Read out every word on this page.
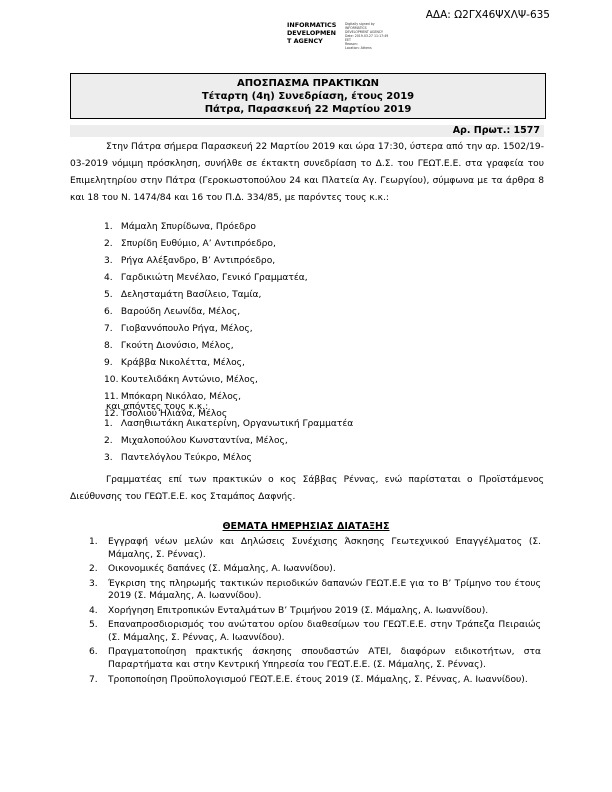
ΑΔΑ: Ω2ΓΧ46ΨΧΛΨ-635
INFORMATICS
DEVELOPMEN
T AGENCY
Digitally signed by
INFORMATICS
DEVELOPMENT AGENCY
Date: 2019.03.27 11:17:49
EET
Reason:
Location: Athens
ΑΠΟΣΠΑΣΜΑ ΠΡΑΚΤΙΚΩΝ
Τέταρτη (4η) Συνεδρίαση, έτους 2019
Πάτρα, Παρασκευή 22 Μαρτίου 2019
Αρ. Πρωτ.: 1577
Στην Πάτρα σήμερα Παρασκευή 22 Μαρτίου 2019 και ώρα 17:30, ύστερα από την αρ. 1502/19-03-2019 νόμιμη πρόσκληση, συνήλθε σε έκτακτη συνεδρίαση το Δ.Σ. του ΓΕΩΤ.Ε.Ε. στα γραφεία του Επιμελητηρίου στην Πάτρα (Γεροκωστοπούλου 24 και Πλατεία Αγ. Γεωργίου), σύμφωνα με τα άρθρα 8 και 18 του Ν. 1474/84 και 16 του Π.Δ. 334/85, με παρόντες τους κ.κ.:
1. Μάμαλη Σπυρίδωνα, Πρόεδρο
2. Σπυρίδη Ευθύμιο, Α’ Αντιπρόεδρο,
3. Ρήγα Αλέξανδρο, Β’ Αντιπρόεδρο,
4. Γαρδικιώτη Μενέλαο, Γενικό Γραμματέα,
5. Δελησταμάτη Βασίλειο, Ταμία,
6. Βαρούδη Λεωνίδα, Μέλος,
7. Γιοβαννόπουλο Ρήγα, Μέλος,
8. Γκούτη Διονύσιο, Μέλος,
9. Κράββα Νικολέττα, Μέλος,
10. Κουτελιδάκη Αντώνιο, Μέλος,
11. Μπόκαρη Νικόλαο, Μέλος,
12. Τσολιού Ηλιάνα, Μέλος
και απόντες τους κ.κ.:
1. Λασηθιωτάκη Αικατερίνη, Οργανωτική Γραμματέα
2. Μιχαλοπούλου Κωνσταντίνα, Μέλος,
3. Παντελόγλου Τεύκρο, Μέλος
Γραμματέας επί των πρακτικών ο κος Σάββας Ρέννας, ενώ παρίσταται ο Προϊστάμενος Διεύθυνσης του ΓΕΩΤ.Ε.Ε. κος Σταμάπος Δαφνής.
ΘΕΜΑΤΑ ΗΜΕΡΗΣΙΑΣ ΔΙΑΤΑΞΗΣ
1. Εγγραφή νέων μελών και Δηλώσεις Συνέχισης Άσκησης Γεωτεχνικού Επαγγέλματος (Σ. Μάμαλης, Σ. Ρέννας).
2. Οικονομικές δαπάνες (Σ. Μάμαλης, Α. Ιωαννίδου).
3. Έγκριση της πληρωμής τακτικών περιοδικών δαπανών ΓΕΩΤ.Ε.Ε για το Β’ Τρίμηνο του έτους 2019 (Σ. Μάμαλης, Α. Ιωαννίδου).
4. Χορήγηση Επιτροπικών Ενταλμάτων Β’ Τριμήνου 2019 (Σ. Μάμαλης, Α. Ιωαννίδου).
5. Επαναπροσδιορισμός του ανώτατου ορίου διαθεσίμων του ΓΕΩΤ.Ε.Ε. στην Τράπεζα Πειραιώς (Σ. Μάμαλης, Σ. Ρέννας, Α. Ιωαννίδου).
6. Πραγματοποίηση πρακτικής άσκησης σπουδαστών ΑΤΕΙ, διαφόρων ειδικοτήτων, στα Παραρτήματα και στην Κεντρική Υπηρεσία του ΓΕΩΤ.Ε.Ε. (Σ. Μάμαλης, Σ. Ρέννας).
7. Τροποποίηση Προϋπολογισμού ΓΕΩΤ.Ε.Ε. έτους 2019 (Σ. Μάμαλης, Σ. Ρέννας, Α. Ιωαννίδου).
